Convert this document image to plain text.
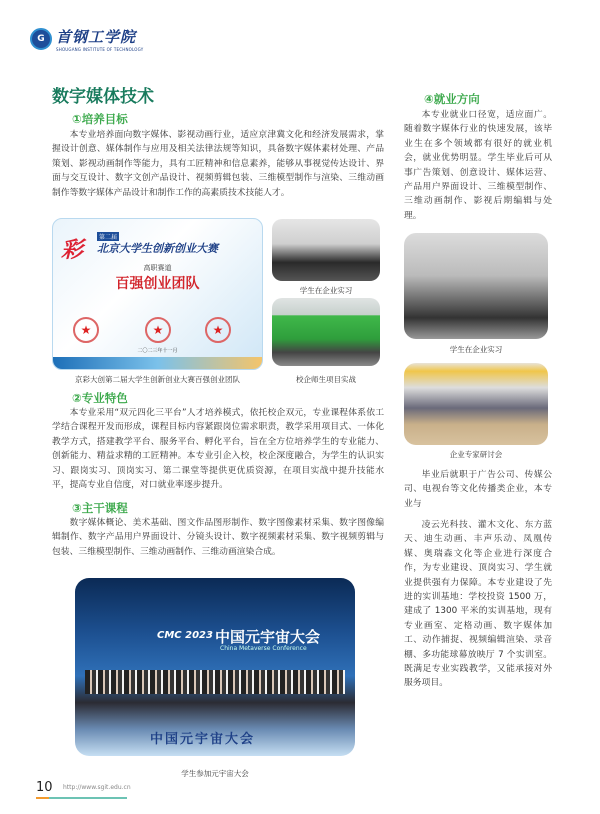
G 首钢工学院
SHOUGANG INSTITUTE OF TECHNOLOGY
数字媒体技术
①培养目标
本专业培养面向数字媒体、影视动画行业，适应京津冀文化和经济发展需求，掌握设计创意、媒体制作与应用及相关法律法规等知识，具备数字媒体素材处理、产品策划、影视动画制作等能力，具有工匠精神和信息素养，能够从事视觉传达设计、界面与交互设计、数字文创产品设计、视频剪辑包装、三维模型制作与渲染、三维动画制作等数字媒体产品设计和制作工作的高素质技术技能人才。
彩
第二届
北京大学生创新创业大赛
高职赛道
百强创业团队
★	★	★
二〇二三年十一月
京彩大创第二届大学生创新创业大赛百强创业团队
学生在企业实习
校企师生项目实战
②专业特色
本专业采用“双元四化三平台”人才培养模式，依托校企双元，专业课程体系依工学结合课程开发而形成，课程目标内容紧跟岗位需求职责，教学采用项目式、一体化教学方式，搭建教学平台、服务平台、孵化平台，旨在全方位培养学生的专业能力、创新能力、精益求精的工匠精神。本专业引企入校，校企深度融合，为学生的认识实习、跟岗实习、顶岗实习、第二课堂等提供更优质资源，在项目实战中提升技能水平，提高专业自信度，对口就业率逐步提升。
③主干课程
数字媒体概论、美术基础、图文作品图形制作、数字图像素材采集、数字图像编辑制作、数字产品用户界面设计、分镜头设计、数字视频素材采集、数字视频剪辑与包装、三维模型制作、三维动画制作、三维动画渲染合成。
CMC 2023 中国元宇宙大会
China Metaverse Conference
中国元宇宙大会
学生参加元宇宙大会
④就业方向
本专业就业口径宽，适应面广。随着数字媒体行业的快速发展，该毕业生在多个领域都有很好的就业机会，就业优势明显。学生毕业后可从事广告策划、创意设计、媒体运营、产品用户界面设计、三维模型制作、三维动画制作、影视后期编辑与处理。
学生在企业实习
企业专家研讨会
毕业后就职于广告公司、传媒公司、电视台等文化传播类企业，本专业与
凌云光科技、灌木文化、东方蓝天、迪生动画、丰声乐动、凤凰传媒、奥瑞森文化等企业进行深度合作，为专业建设、顶岗实习、学生就业提供强有力保障。本专业建设了先进的实训基地：学校投资 1500 万，建成了 1300 平米的实训基地，现有专业画室、定格动画、数字媒体加工、动作捕捉、视频编辑渲染、录音棚、多功能球幕放映厅 7 个实训室。既满足专业实践教学，又能承接对外服务项目。
10 http://www.sgit.edu.cn
